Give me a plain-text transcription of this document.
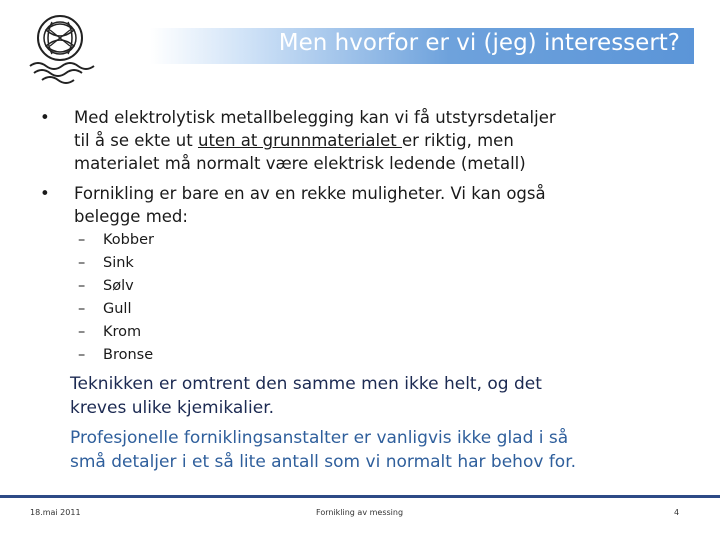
Men hvorfor er vi (jeg) interessert?
• Med elektrolytisk metallbelegging kan vi få utstyrsdetaljer
til å se ekte ut uten at grunnmaterialet er riktig, men
materialet må normalt være elektrisk ledende (metall)
• Fornikling er bare en av en rekke muligheter. Vi kan også
belegge med:
– Kobber
– Sink
– Sølv
– Gull
– Krom
– Bronse
Teknikken er omtrent den samme men ikke helt, og det
kreves ulike kjemikalier.
Profesjonelle forniklingsanstalter er vanligvis ikke glad i så
små detaljer i et så lite antall som vi normalt har behov for.
18.mai 2011	Fornikling av messing	4
